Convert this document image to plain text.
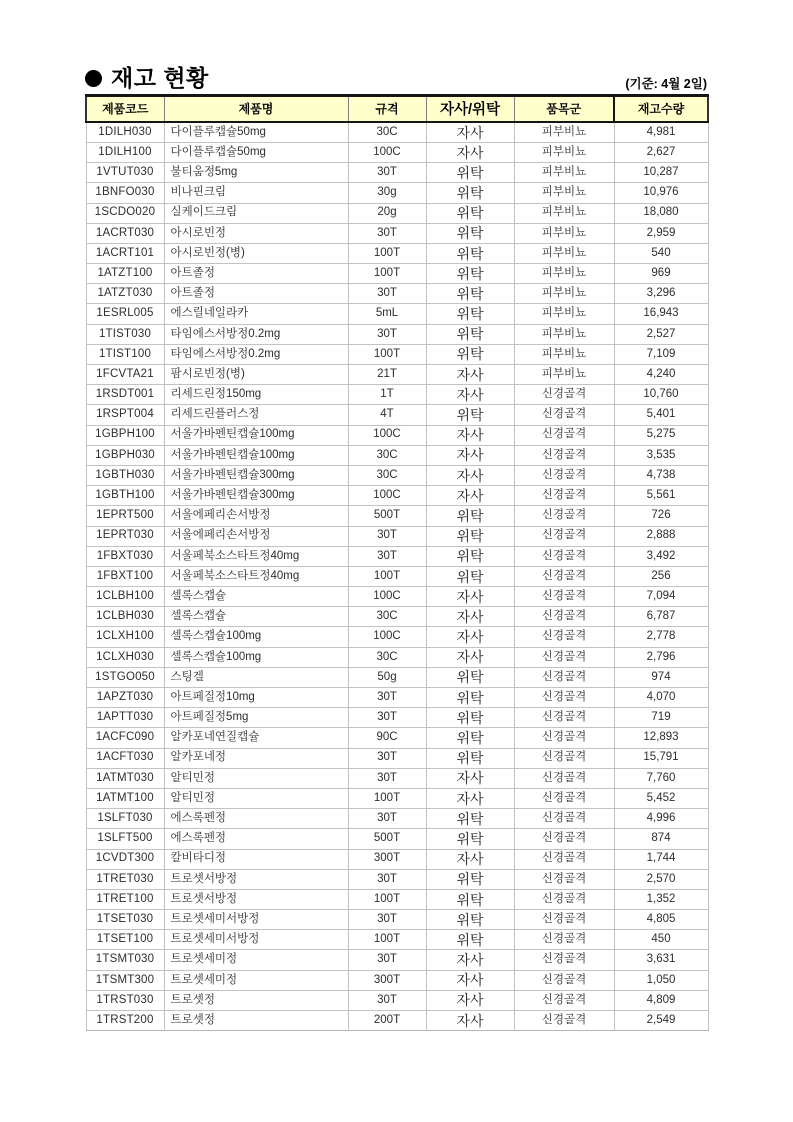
재고 현황	(기준: 4월 2일)
제품코드	제품명	규격	자사/위탁	품목군	재고수량
1DILH030	다이플루캡슐50mg	30C	자사	피부비뇨	4,981
1DILH100	다이플루캡슐50mg	100C	자사	피부비뇨	2,627
1VTUT030	불티움정5mg	30T	위탁	피부비뇨	10,287
1BNFO030	비나핀크림	30g	위탁	피부비뇨	10,976
1SCDO020	실케이드크림	20g	위탁	피부비뇨	18,080
1ACRT030	아시로빈정	30T	위탁	피부비뇨	2,959
1ACRT101	아시로빈정(병)	100T	위탁	피부비뇨	540
1ATZT100	아트졸정	100T	위탁	피부비뇨	969
1ATZT030	아트졸정	30T	위탁	피부비뇨	3,296
1ESRL005	에스릴네일라카	5mL	위탁	피부비뇨	16,943
1TIST030	타임에스서방정0.2mg	30T	위탁	피부비뇨	2,527
1TIST100	타임에스서방정0.2mg	100T	위탁	피부비뇨	7,109
1FCVTA21	팜시로빈정(병)	21T	자사	피부비뇨	4,240
1RSDT001	리세드린정150mg	1T	자사	신경골격	10,760
1RSPT004	리세드린플러스정	4T	위탁	신경골격	5,401
1GBPH100	서울가바펜틴캡슐100mg	100C	자사	신경골격	5,275
1GBPH030	서울가바펜틴캡슐100mg	30C	자사	신경골격	3,535
1GBTH030	서울가바펜틴캡슐300mg	30C	자사	신경골격	4,738
1GBTH100	서울가바펜틴캡슐300mg	100C	자사	신경골격	5,561
1EPRT500	서울에페리손서방정	500T	위탁	신경골격	726
1EPRT030	서울에페리손서방정	30T	위탁	신경골격	2,888
1FBXT030	서울페북소스타트정40mg	30T	위탁	신경골격	3,492
1FBXT100	서울페북소스타트정40mg	100T	위탁	신경골격	256
1CLBH100	셀록스캡슐	100C	자사	신경골격	7,094
1CLBH030	셀록스캡슐	30C	자사	신경골격	6,787
1CLXH100	셀록스캡슐100mg	100C	자사	신경골격	2,778
1CLXH030	셀록스캡슐100mg	30C	자사	신경골격	2,796
1STGO050	스팅겔	50g	위탁	신경골격	974
1APZT030	아트페질정10mg	30T	위탁	신경골격	4,070
1APTT030	아트페질정5mg	30T	위탁	신경골격	719
1ACFC090	알카포네연질캡슐	90C	위탁	신경골격	12,893
1ACFT030	알카포네정	30T	위탁	신경골격	15,791
1ATMT030	알티민정	30T	자사	신경골격	7,760
1ATMT100	알티민정	100T	자사	신경골격	5,452
1SLFT030	에스록펜정	30T	위탁	신경골격	4,996
1SLFT500	에스록펜정	500T	위탁	신경골격	874
1CVDT300	칼비타디정	300T	자사	신경골격	1,744
1TRET030	트로셋서방정	30T	위탁	신경골격	2,570
1TRET100	트로셋서방정	100T	위탁	신경골격	1,352
1TSET030	트로셋세미서방정	30T	위탁	신경골격	4,805
1TSET100	트로셋세미서방정	100T	위탁	신경골격	450
1TSMT030	트로셋세미정	30T	자사	신경골격	3,631
1TSMT300	트로셋세미정	300T	자사	신경골격	1,050
1TRST030	트로셋정	30T	자사	신경골격	4,809
1TRST200	트로셋정	200T	자사	신경골격	2,549
